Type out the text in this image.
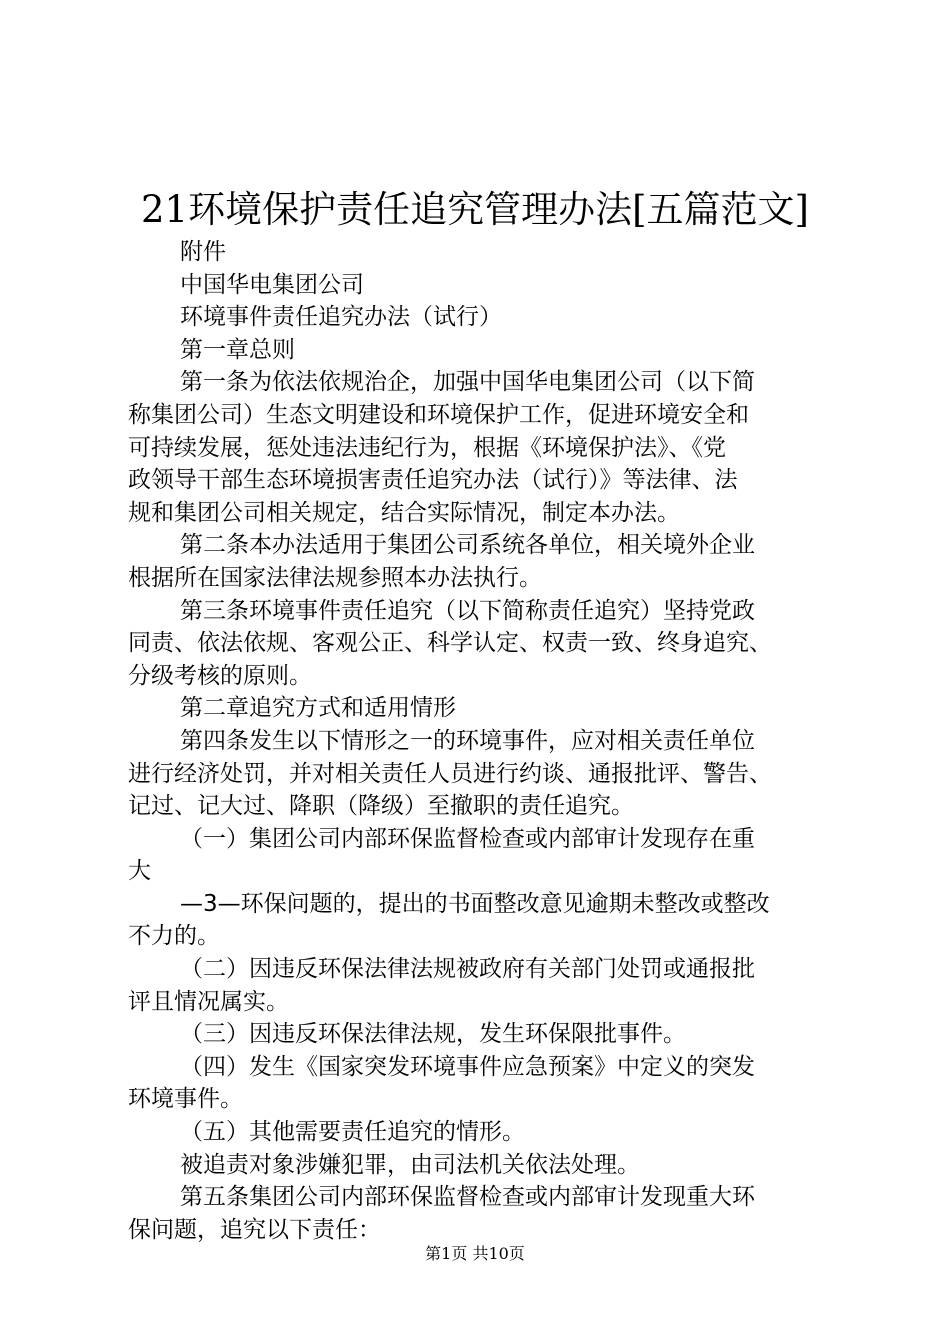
21环境保护责任追究管理办法[五篇范文]
附件
中国华电集团公司
环境事件责任追究办法（试行）
第一章总则
第一条为依法依规治企，加强中国华电集团公司（以下简
称集团公司）生态文明建设和环境保护工作，促进环境安全和
可持续发展，惩处违法违纪行为，根据《环境保护法》、《党
政领导干部生态环境损害责任追究办法（试行）》等法律、法
规和集团公司相关规定，结合实际情况，制定本办法。
第二条本办法适用于集团公司系统各单位，相关境外企业
根据所在国家法律法规参照本办法执行。
第三条环境事件责任追究（以下简称责任追究）坚持党政
同责、依法依规、客观公正、科学认定、权责一致、终身追究、
分级考核的原则。
第二章追究方式和适用情形
第四条发生以下情形之一的环境事件，应对相关责任单位
进行经济处罚，并对相关责任人员进行约谈、通报批评、警告、
记过、记大过、降职（降级）至撤职的责任追究。
（一）集团公司内部环保监督检查或内部审计发现存在重
大
—3—环保问题的，提出的书面整改意见逾期未整改或整改
不力的。
（二）因违反环保法律法规被政府有关部门处罚或通报批
评且情况属实。
（三）因违反环保法律法规，发生环保限批事件。
（四）发生《国家突发环境事件应急预案》中定义的突发
环境事件。
（五）其他需要责任追究的情形。
被追责对象涉嫌犯罪，由司法机关依法处理。
第五条集团公司内部环保监督检查或内部审计发现重大环
保问题，追究以下责任：
第1页 共10页
